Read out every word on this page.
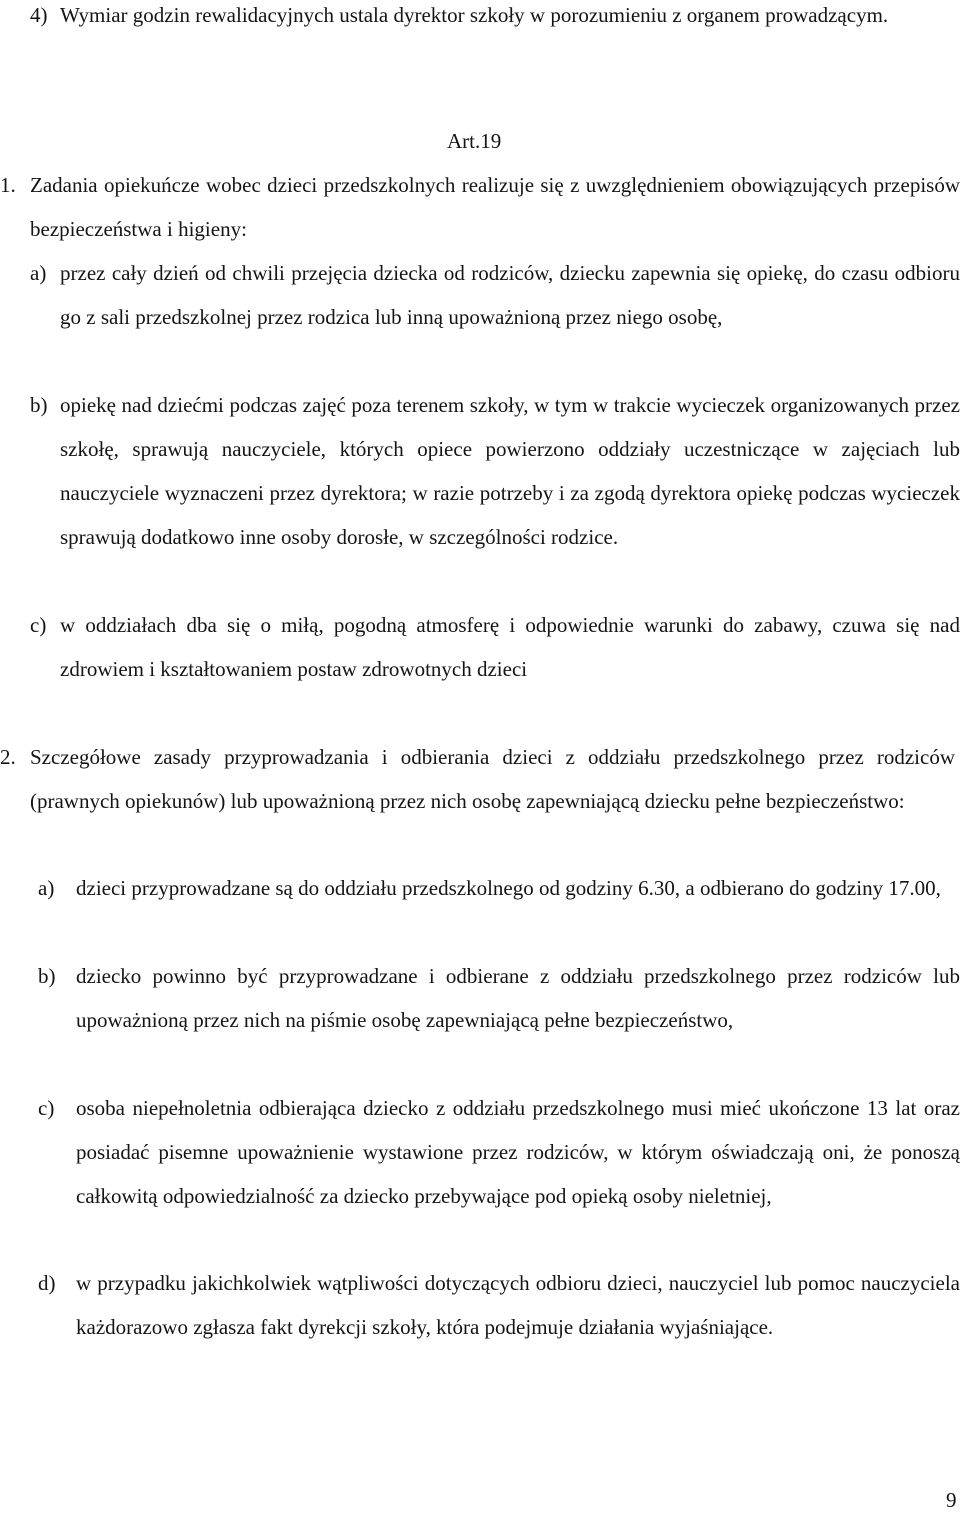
4) Wymiar godzin rewalidacyjnych ustala dyrektor szkoły w porozumieniu z organem prowadzącym.

Art.19
1. Zadania opiekuńcze wobec dzieci przedszkolnych realizuje się z uwzględnieniem obowiązujących przepisów bezpieczeństwa i higieny:

a) przez cały dzień od chwili przejęcia dziecka od rodziców, dziecku zapewnia się opiekę, do czasu odbioru go z sali przedszkolnej przez rodzica lub inną upoważnioną przez niego osobę,

b) opiekę nad dziećmi podczas zajęć poza terenem szkoły, w tym w trakcie wycieczek organizowanych przez szkołę, sprawują nauczyciele, których opiece powierzono oddziały uczestniczące w zajęciach lub nauczyciele wyznaczeni przez dyrektora; w razie potrzeby i za zgodą dyrektora opiekę podczas wycieczek sprawują dodatkowo inne osoby dorosłe, w szczególności rodzice.

c) w oddziałach dba się o miłą, pogodną atmosferę i odpowiednie warunki do zabawy, czuwa się nad zdrowiem i kształtowaniem postaw zdrowotnych dzieci

2. Szczegółowe zasady przyprowadzania i odbierania dzieci z oddziału przedszkolnego przez rodziców (prawnych opiekunów) lub upoważnioną przez nich osobę zapewniającą dziecku pełne bezpieczeństwo:

a) dzieci przyprowadzane są do oddziału przedszkolnego od godziny 6.30, a odbierano do godziny 17.00,

b) dziecko powinno być przyprowadzane i odbierane z oddziału przedszkolnego przez rodziców lub upoważnioną przez nich na piśmie osobę zapewniającą pełne bezpieczeństwo,

c) osoba niepełnoletnia odbierająca dziecko z oddziału przedszkolnego musi mieć ukończone 13 lat oraz posiadać pisemne upoważnienie wystawione przez rodziców, w którym oświadczają oni, że ponoszą całkowitą odpowiedzialność za dziecko przebywające pod opieką osoby nieletniej,

d) w przypadku jakichkolwiek wątpliwości dotyczących odbioru dzieci, nauczyciel lub pomoc nauczyciela każdorazowo zgłasza fakt dyrekcji szkoły, która podejmuje działania wyjaśniające.

9
